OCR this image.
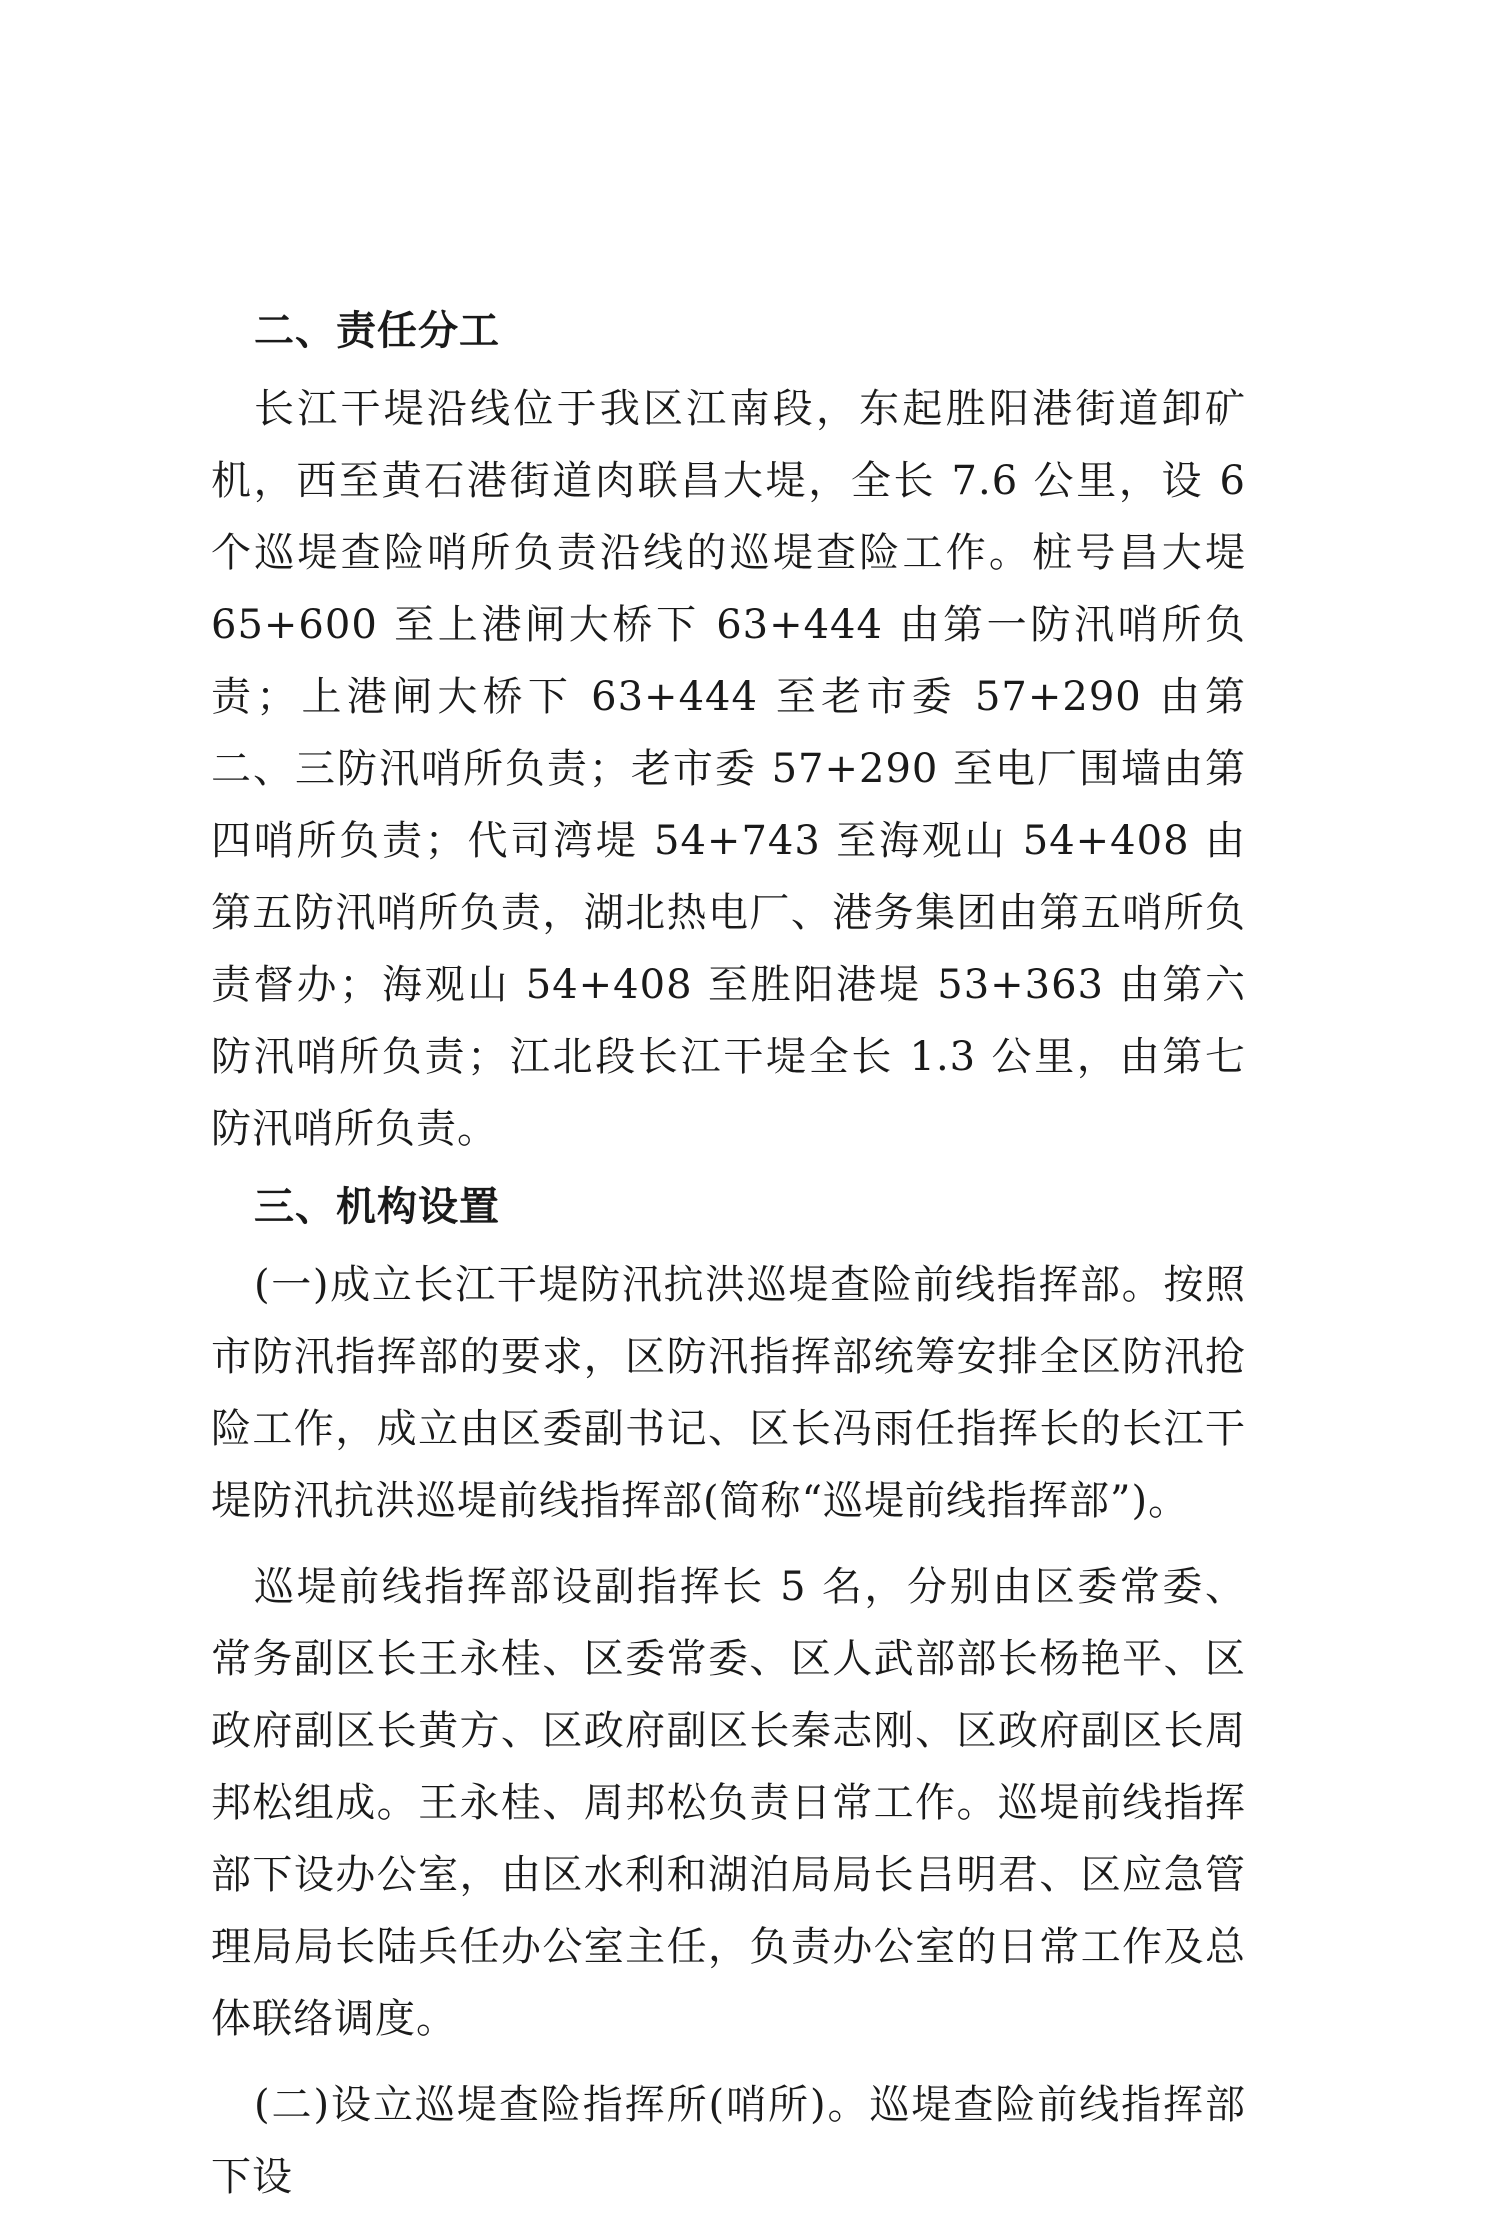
二、责任分工

长江干堤沿线位于我区江南段，东起胜阳港街道卸矿机，西至黄石港街道肉联昌大堤，全长 7.6 公里，设 6 个巡堤查险哨所负责沿线的巡堤查险工作。桩号昌大堤 65+600 至上港闸大桥下 63+444 由第一防汛哨所负责；上港闸大桥下 63+444 至老市委 57+290 由第二、三防汛哨所负责；老市委 57+290 至电厂围墙由第四哨所负责；代司湾堤 54+743 至海观山 54+408 由第五防汛哨所负责，湖北热电厂、港务集团由第五哨所负责督办；海观山 54+408 至胜阳港堤 53+363 由第六防汛哨所负责；江北段长江干堤全长 1.3 公里，由第七防汛哨所负责。

三、机构设置

(一)成立长江干堤防汛抗洪巡堤查险前线指挥部。按照市防汛指挥部的要求，区防汛指挥部统筹安排全区防汛抢险工作，成立由区委副书记、区长冯雨任指挥长的长江干堤防汛抗洪巡堤前线指挥部(简称“巡堤前线指挥部”)。

巡堤前线指挥部设副指挥长 5 名，分别由区委常委、常务副区长王永桂、区委常委、区人武部部长杨艳平、区政府副区长黄方、区政府副区长秦志刚、区政府副区长周邦松组成。王永桂、周邦松负责日常工作。巡堤前线指挥部下设办公室，由区水利和湖泊局局长吕明君、区应急管理局局长陆兵任办公室主任，负责办公室的日常工作及总体联络调度。

(二)设立巡堤查险指挥所(哨所)。巡堤查险前线指挥部下设
